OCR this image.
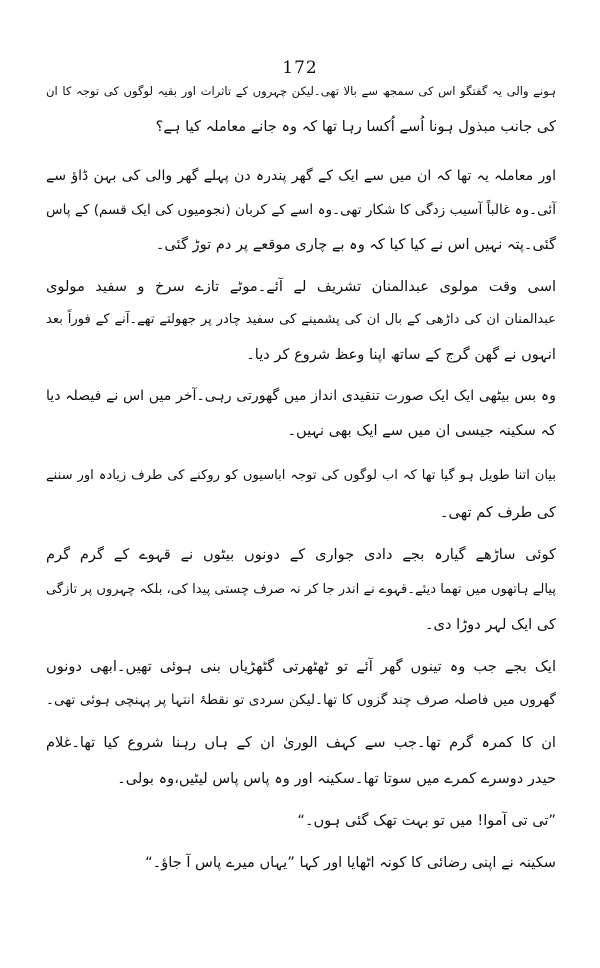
172
ہونے والی یہ گفتگو اس کی سمجھ سے بالا تھی۔لیکن چہروں کے تاثرات اور بقیہ لوگوں کی توجہ کا ان
کی جانب مبذول ہونا اُسے اُکسا رہا تھا کہ وہ جانے معاملہ کیا ہے؟
اور معاملہ یہ تھا کہ ان میں سے ایک کے گھر پندرہ دن پہلے گھر والی کی بہن ڈاؤ سے
آئی۔وہ غالباً آسیب زدگی کا شکار تھی۔وہ اسے کے کربان (نجومیوں کی ایک قسم) کے پاس
گئی۔پتہ نہیں اس نے کیا کیا کہ وہ بے چاری موقعے پر دم توڑ گئی۔
اسی وقت مولوی عبدالمنان تشریف لے آئے۔موٹے تازے سرخ و سفید مولوی
عبدالمنان ان کی داڑھی کے بال ان کی پشمینے کی سفید چادر پر جھولتے تھے۔آنے کے فوراً بعد
انہوں نے گھن گرج کے ساتھ اپنا وعظ شروع کر دیا۔
وہ بس بیٹھی ایک ایک صورت تنقیدی انداز میں گھورتی رہی۔آخر میں اس نے فیصلہ دیا
کہ سکینہ جیسی ان میں سے ایک بھی نہیں۔
بیان اتنا طویل ہو گیا تھا کہ اب لوگوں کی توجہ اباسیوں کو روکنے کی طرف زیادہ اور سننے
کی طرف کم تھی۔
کوئی ساڑھے گیارہ بجے دادی جواری کے دونوں بیٹوں نے قہوے کے گرم گرم
پیالے ہاتھوں میں تھما دیئے۔قہوے نے اندر جا کر نہ صرف چستی پیدا کی، بلکہ چہروں پر تازگی
کی ایک لہر دوڑا دی۔
ایک بجے جب وہ تینوں گھر آئے تو ٹھٹھرتی گٹھڑیاں بنی ہوئی تھیں۔ابھی دونوں
گھروں میں فاصلہ صرف چند گزوں کا تھا۔لیکن سردی تو نقطۂ انتہا پر پہنچی ہوئی تھی۔
ان کا کمرہ گرم تھا۔جب سے کہف الوریٰ ان کے ہاں رہنا شروع کیا تھا۔غلام
حیدر دوسرے کمرے میں سوتا تھا۔سکینہ اور وہ پاس پاس لیٹیں،وہ بولی۔
”تی تی آموا! میں تو بہت تھک گئی ہوں۔“
سکینہ نے اپنی رضائی کا کونہ اٹھایا اور کہا ”یہاں میرے پاس آ جاؤ۔“
